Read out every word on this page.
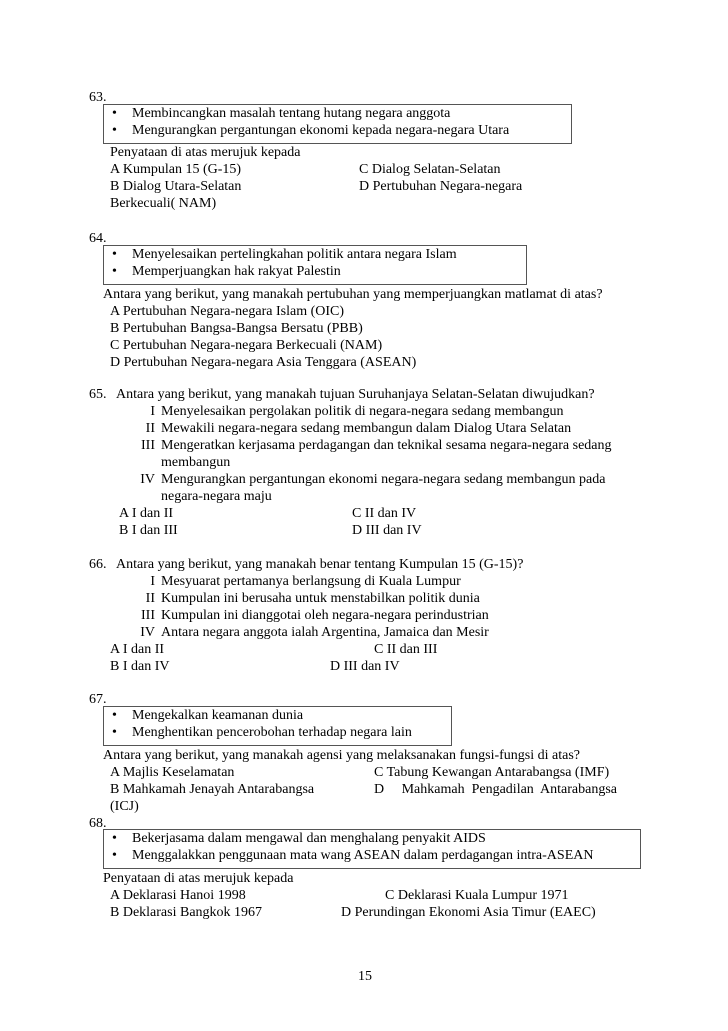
63.
• Membincangkan masalah tentang hutang negara anggota
• Mengurangkan pergantungan ekonomi kepada negara-negara Utara
Penyataan di atas merujuk kepada
A Kumpulan 15 (G-15)	C Dialog Selatan-Selatan
B Dialog Utara-Selatan	D Pertubuhan Negara-negara
Berkecuali( NAM)
64.
• Menyelesaikan pertelingkahan politik antara negara Islam
• Memperjuangkan hak rakyat Palestin
Antara yang berikut, yang manakah pertubuhan yang memperjuangkan matlamat di atas?
A Pertubuhan Negara-negara Islam (OIC)
B Pertubuhan Bangsa-Bangsa Bersatu (PBB)
C Pertubuhan Negara-negara Berkecuali (NAM)
D Pertubuhan Negara-negara Asia Tenggara (ASEAN)
65. Antara yang berikut, yang manakah tujuan Suruhanjaya Selatan-Selatan diwujudkan?
I Menyelesaikan pergolakan politik di negara-negara sedang membangun
II Mewakili negara-negara sedang membangun dalam Dialog Utara Selatan
III Mengeratkan kerjasama perdagangan dan teknikal sesama negara-negara sedang
membangun
IV Mengurangkan pergantungan ekonomi negara-negara sedang membangun pada
negara-negara maju
A I dan II	C II dan IV
B I dan III	D III dan IV
66. Antara yang berikut, yang manakah benar tentang Kumpulan 15 (G-15)?
I Mesyuarat pertamanya berlangsung di Kuala Lumpur
II Kumpulan ini berusaha untuk menstabilkan politik dunia
III Kumpulan ini dianggotai oleh negara-negara perindustrian
IV Antara negara anggota ialah Argentina, Jamaica dan Mesir
A I dan II	C II dan III
B I dan IV	D III dan IV
67.
• Mengekalkan keamanan dunia
• Menghentikan pencerobohan terhadap negara lain
Antara yang berikut, yang manakah agensi yang melaksanakan fungsi-fungsi di atas?
A Majlis Keselamatan	C Tabung Kewangan Antarabangsa (IMF)
B Mahkamah Jenayah Antarabangsa	D     Mahkamah  Pengadilan  Antarabangsa
(ICJ)
68.
• Bekerjasama dalam mengawal dan menghalang penyakit AIDS
• Menggalakkan penggunaan mata wang ASEAN dalam perdagangan intra-ASEAN
Penyataan di atas merujuk kepada
A Deklarasi Hanoi 1998	C Deklarasi Kuala Lumpur 1971
B Deklarasi Bangkok 1967	D Perundingan Ekonomi Asia Timur (EAEC)
15
